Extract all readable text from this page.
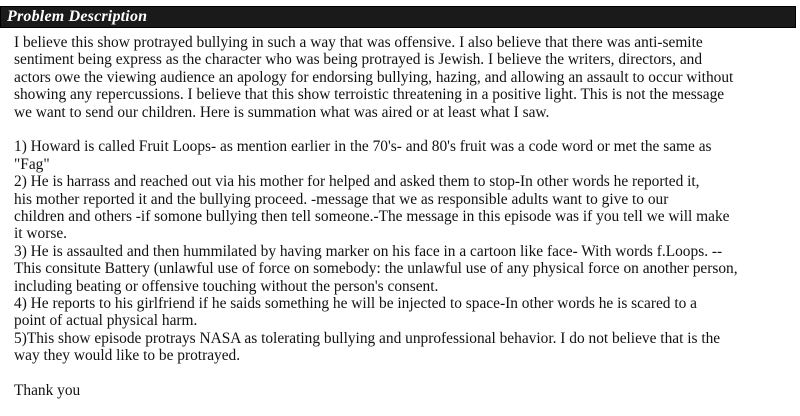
Problem Description
I believe this show protrayed bullying in such a way that was offensive. I also believe that there was anti-semite
sentiment being express as the character who was being protrayed is Jewish. I believe the writers, directors, and
actors owe the viewing audience an apology for endorsing bullying, hazing, and allowing an assault to occur without
showing any repercussions. I believe that this show terroistic threatening in a positive light. This is not the message
we want to send our children. Here is summation what was aired or at least what I saw.
1) Howard is called Fruit Loops- as mention earlier in the 70's- and 80's fruit was a code word or met the same as
"Fag"
2) He is harrass and reached out via his mother for helped and asked them to stop-In other words he reported it,
his mother reported it and the bullying proceed. -message that we as responsible adults want to give to our
children and others -if somone bullying then tell someone.-The message in this episode was if you tell we will make
it worse.
3) He is assaulted and then hummilated by having marker on his face in a cartoon like face- With words f.Loops. --
This consitute Battery (unlawful use of force on somebody: the unlawful use of any physical force on another person,
including beating or offensive touching without the person's consent.
4) He reports to his girlfriend if he saids something he will be injected to space-In other words he is scared to a
point of actual physical harm.
5)This show episode protrays NASA as tolerating bullying and unprofessional behavior. I do not believe that is the
way they would like to be protrayed.
Thank you
